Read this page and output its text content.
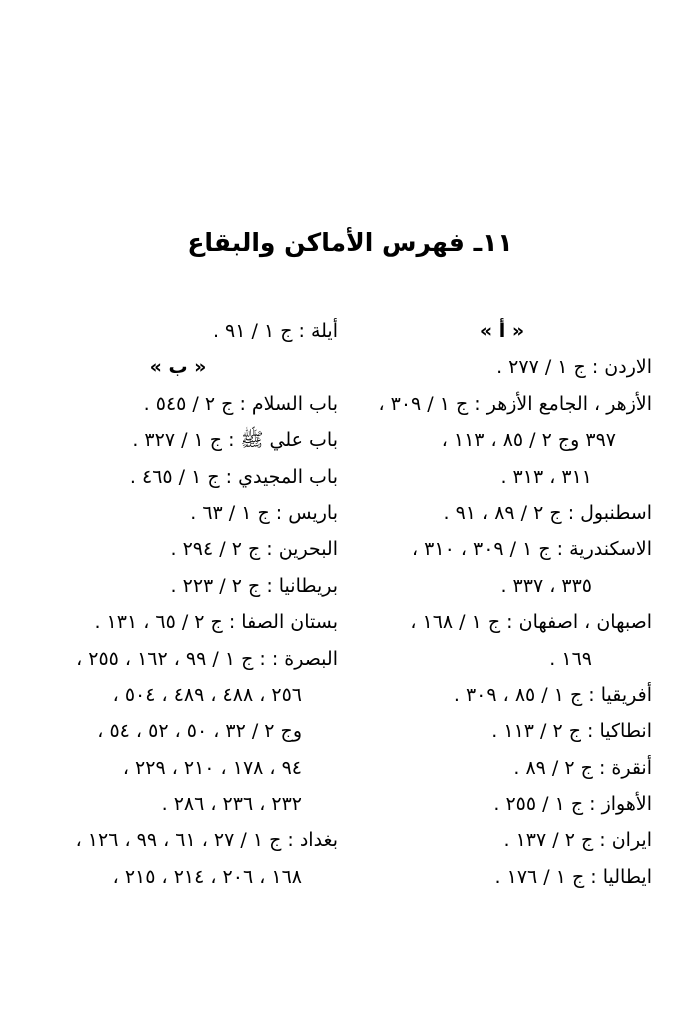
١١ـ فهرس الأماكن والبقاع
« أ »
الاردن : ج ١ / ٢٧٧ .
الأزهر ، الجامع الأزهر : ج ١ / ٣٠٩ ،
٣٩٧ وج ٢ / ٨٥ ، ١١٣ ،
٣١١ ، ٣١٣ .
اسطنبول : ج ٢ / ٨٩ ، ٩١ .
الاسكندرية : ج ١ / ٣٠٩ ، ٣١٠ ،
٣٣٥ ، ٣٣٧ .
اصبهان ، اصفهان : ج ١ / ١٦٨ ،
١٦٩ .
أفريقيا : ج ١ / ٨٥ ، ٣٠٩ .
انطاكيا : ج ٢ / ١١٣ .
أنقرة : ج ٢ / ٨٩ .
الأهواز : ج ١ / ٢٥٥ .
ايران : ج ٢ / ١٣٧ .
ايطاليا : ج ١ / ١٧٦ .
أيلة : ج ١ / ٩١ .
« ب »
باب السلام : ج ٢ / ٥٤٥ .
باب علي ﷺ : ج ١ / ٣٢٧ .
باب المجيدي : ج ١ / ٤٦٥ .
باريس : ج ١ / ٦٣ .
البحرين : ج ٢ / ٢٩٤ .
بريطانيا : ج ٢ / ٢٢٣ .
بستان الصفا : ج ٢ / ٦٥ ، ١٣١ .
البصرة : : ج ١ / ٩٩ ، ١٦٢ ، ٢٥٥ ،
٢٥٦ ، ٤٨٨ ، ٤٨٩ ، ٥٠٤ ،
وج ٢ / ٣٢ ، ٥٠ ، ٥٢ ، ٥٤ ،
٩٤ ، ١٧٨ ، ٢١٠ ، ٢٢٩ ،
٢٣٢ ، ٢٣٦ ، ٢٨٦ .
بغداد : ج ١ / ٢٧ ، ٦١ ، ٩٩ ، ١٢٦ ،
١٦٨ ، ٢٠٦ ، ٢١٤ ، ٢١٥ ،
